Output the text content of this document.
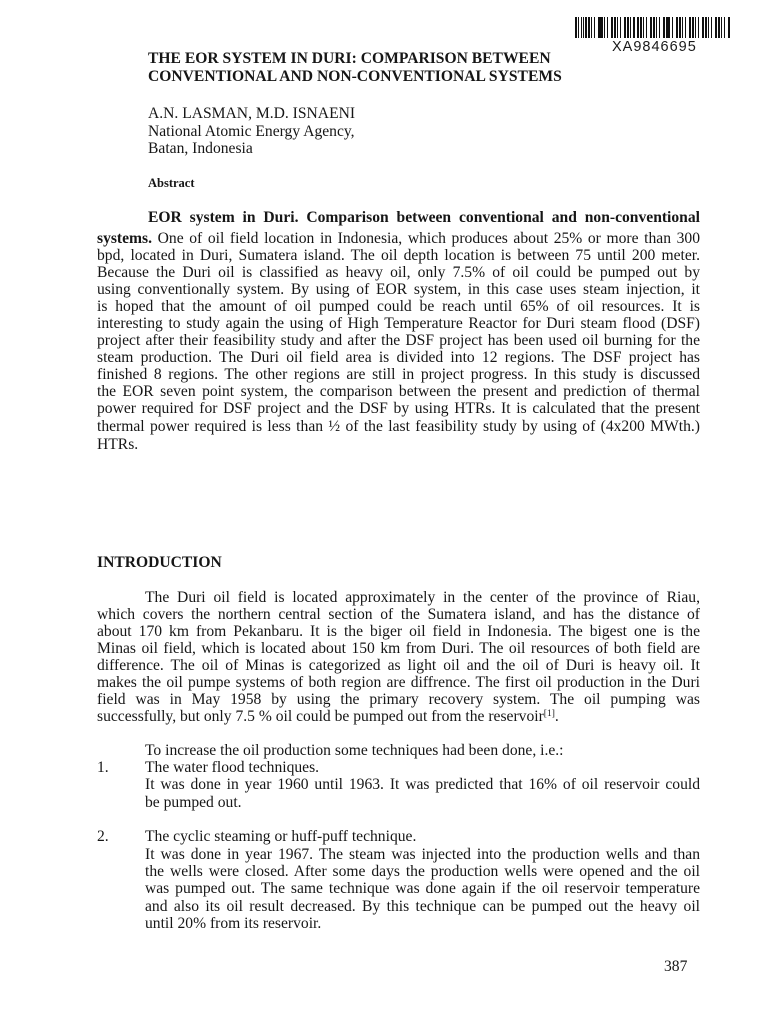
XA9846695
THE EOR SYSTEM IN DURI: COMPARISON BETWEEN
CONVENTIONAL AND NON-CONVENTIONAL SYSTEMS
A.N. LASMAN, M.D. ISNAENI
National Atomic Energy Agency,
Batan, Indonesia
Abstract
EOR system in Duri. Comparison between conventional and non-conventional
systems. One of oil field location in Indonesia, which produces about 25% or more than 300
bpd, located in Duri, Sumatera island. The oil depth location is between 75 until 200 meter.
Because the Duri oil is classified as heavy oil, only 7.5% of oil could be pumped out by
using conventionally system. By using of EOR system, in this case uses steam injection, it
is hoped that the amount of oil pumped could be reach until 65% of oil resources. It is
interesting to study again the using of High Temperature Reactor for Duri steam flood (DSF)
project after their feasibility study and after the DSF project has been used oil burning for the
steam production. The Duri oil field area is divided into 12 regions. The DSF project has
finished 8 regions. The other regions are still in project progress. In this study is discussed
the EOR seven point system, the comparison between the present and prediction of thermal
power required for DSF project and the DSF by using HTRs. It is calculated that the present
thermal power required is less than ½ of the last feasibility study by using of (4x200 MWth.)
HTRs.
INTRODUCTION
The Duri oil field is located approximately in the center of the province of Riau,
which covers the northern central section of the Sumatera island, and has the distance of
about 170 km from Pekanbaru. It is the biger oil field in Indonesia. The bigest one is the
Minas oil field, which is located about 150 km from Duri. The oil resources of both field are
difference. The oil of Minas is categorized as light oil and the oil of Duri is heavy oil. It
makes the oil pumpe systems of both region are diffrence. The first oil production in the Duri
field was in May 1958 by using the primary recovery system. The oil pumping was
successfully, but only 7.5 % oil could be pumped out from the reservoir[1].
To increase the oil production some techniques had been done, i.e.:
1.	The water flood techniques.
It was done in year 1960 until 1963. It was predicted that 16% of oil reservoir could
be pumped out.
2.	The cyclic steaming or huff-puff technique.
It was done in year 1967. The steam was injected into the production wells and than
the wells were closed. After some days the production wells were opened and the oil
was pumped out. The same technique was done again if the oil reservoir temperature
and also its oil result decreased. By this technique can be pumped out the heavy oil
until 20% from its reservoir.
387
